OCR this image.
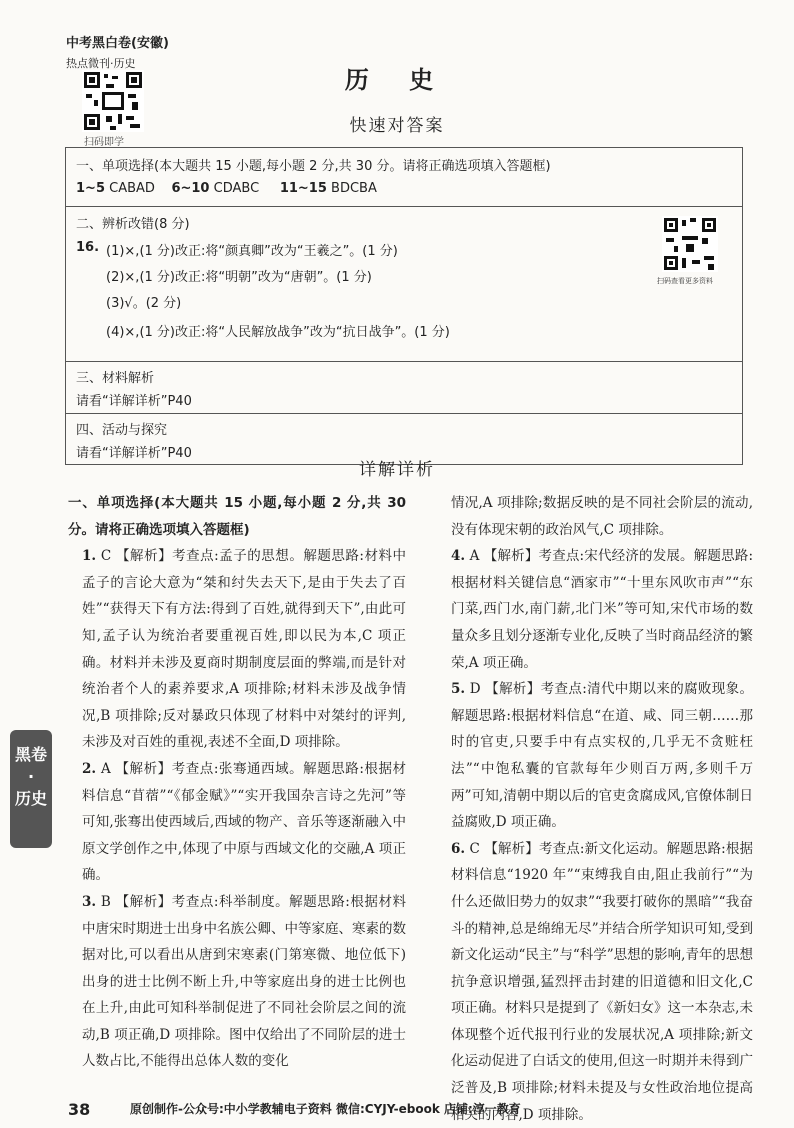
中考黑白卷(安徽)
热点微刊·历史
扫码即学
历 史
快速对答案
一、单项选择(本大题共 15 小题,每小题 2 分,共 30 分。请将正确选项填入答题框)
1~5 CABAD 6~10 CDABC 11~15 BDCBA
二、辨析改错(8 分)
16. (1)×,(1 分)改正:将“颜真卿”改为“王羲之”。(1 分)
(2)×,(1 分)改正:将“明朝”改为“唐朝”。(1 分)
(3)√。(2 分)
(4)×,(1 分)改正:将“人民解放战争”改为“抗日战争”。(1 分)
三、材料解析
请看“详解详析”P40
四、活动与探究
请看“详解详析”P40
扫码查看更多资料
详解详析

一、单项选择(本大题共 15 小题,每小题 2 分,共 30 分。请将正确选项填入答题框)

1. C 【解析】考查点:孟子的思想。解题思路:材料中孟子的言论大意为“桀和纣失去天下,是由于失去了百姓”“获得天下有方法:得到了百姓,就得到天下”,由此可知,孟子认为统治者要重视百姓,即以民为本,C 项正确。材料并未涉及夏商时期制度层面的弊端,而是针对统治者个人的素养要求,A 项排除;材料未涉及战争情况,B 项排除;反对暴政只体现了材料中对桀纣的评判,未涉及对百姓的重视,表述不全面,D 项排除。

2. A 【解析】考查点:张骞通西域。解题思路:根据材料信息“苜蓿”“《郁金赋》”“实开我国杂言诗之先河”等可知,张骞出使西域后,西域的物产、音乐等逐渐融入中原文学创作之中,体现了中原与西域文化的交融,A 项正确。

3. B 【解析】考查点:科举制度。解题思路:根据材料中唐宋时期进士出身中名族公卿、中等家庭、寒素的数据对比,可以看出从唐到宋寒素(门第寒微、地位低下)出身的进士比例不断上升,中等家庭出身的进士比例也在上升,由此可知科举制促进了不同社会阶层之间的流动,B 项正确,D 项排除。图中仅给出了不同阶层的进士人数占比,不能得出总体人数的变化

情况,A 项排除;数据反映的是不同社会阶层的流动,没有体现宋朝的政治风气,C 项排除。

4. A 【解析】考查点:宋代经济的发展。解题思路:根据材料关键信息“酒家市”“十里东风吹市声”“东门菜,西门水,南门薪,北门米”等可知,宋代市场的数量众多且划分逐渐专业化,反映了当时商品经济的繁荣,A 项正确。

5. D 【解析】考查点:清代中期以来的腐败现象。解题思路:根据材料信息“在道、咸、同三朝……那时的官吏,只要手中有点实权的,几乎无不贪赃枉法”“中饱私囊的官款每年少则百万两,多则千万两”可知,清朝中期以后的官吏贪腐成风,官僚体制日益腐败,D 项正确。

6. C 【解析】考查点:新文化运动。解题思路:根据材料信息“1920 年”“束缚我自由,阻止我前行”“为什么还做旧势力的奴隶”“我要打破你的黑暗”“我奋斗的精神,总是绵绵无尽”并结合所学知识可知,受到新文化运动“民主”与“科学”思想的影响,青年的思想抗争意识增强,猛烈抨击封建的旧道德和旧文化,C 项正确。材料只是提到了《新妇女》这一本杂志,未体现整个近代报刊行业的发展状况,A 项排除;新文化运动促进了白话文的使用,但这一时期并未得到广泛普及,B 项排除;材料未提及与女性政治地位提高相关的内容,D 项排除。

黑卷
·
历史
38	原创制作-公众号:中小学教辅电子资料 微信:CYJY-ebook 店铺:淳一教育
